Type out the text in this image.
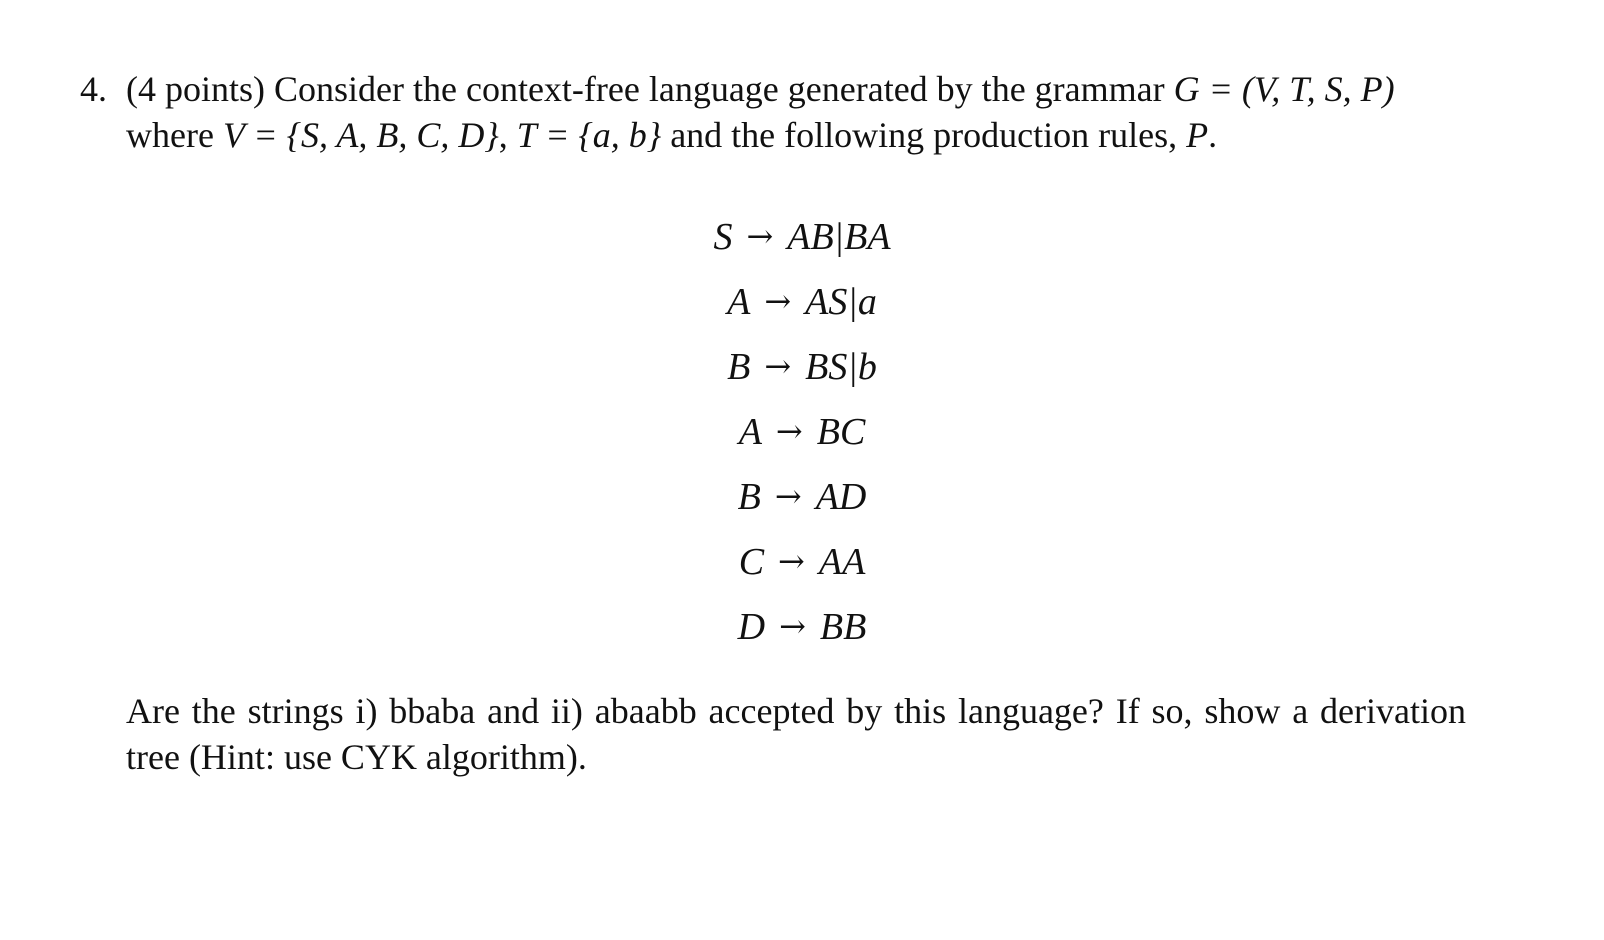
4. (4 points) Consider the context-free language generated by the grammar G = (V, T, S, P)
where V = {S, A, B, C, D}, T = {a, b} and the following production rules, P.
S → AB|BA
A → AS|a
B → BS|b
A → BC
B → AD
C → AA
D → BB
Are the strings i) bbaba and ii) abaabb accepted by this language? If so, show a derivation tree (Hint: use CYK algorithm).
